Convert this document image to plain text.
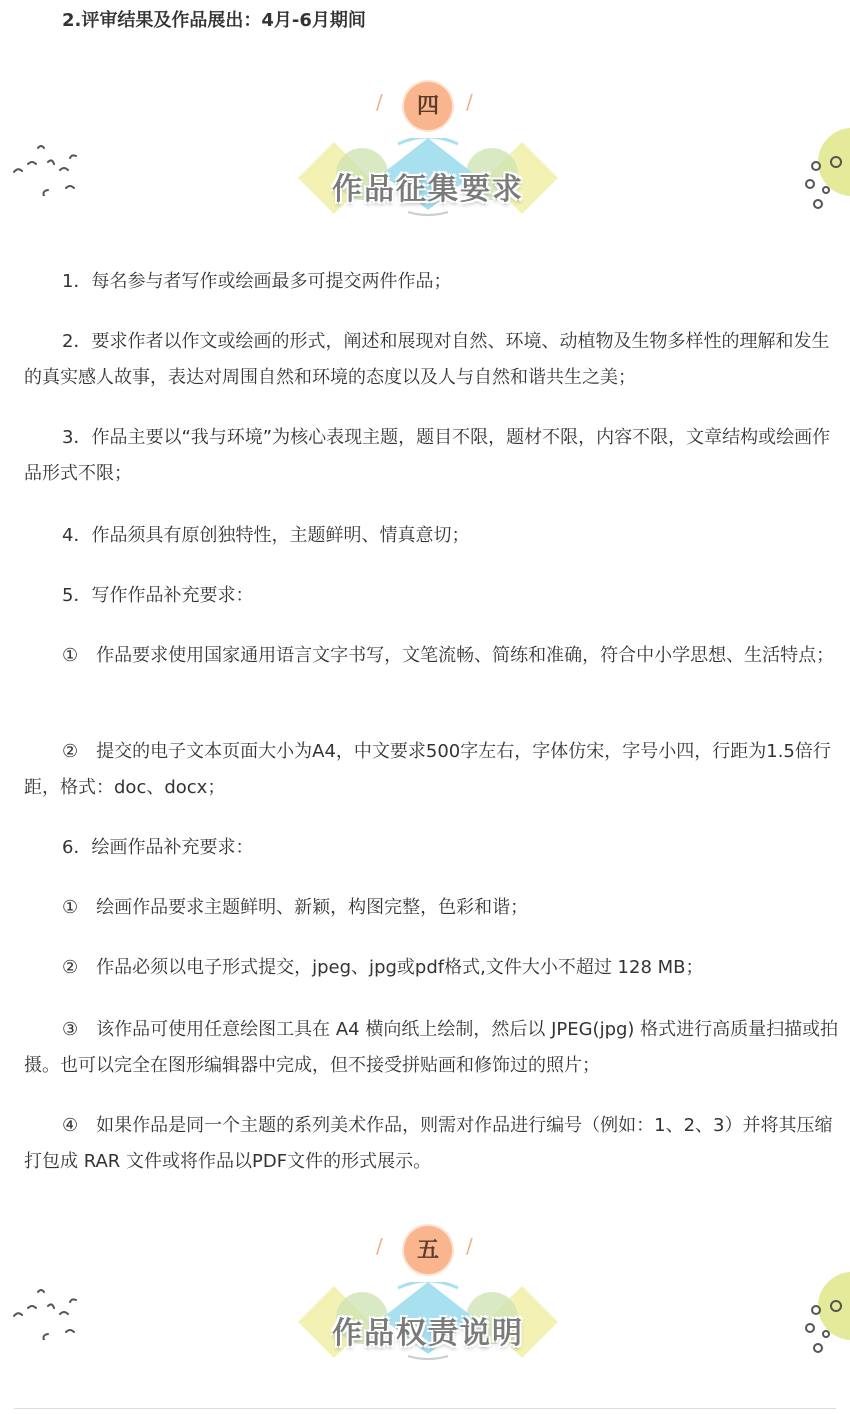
2.评审结果及作品展出：4月-6月期间
/	四	/
作品征集要求

1．每名参与者写作或绘画最多可提交两件作品；

2．要求作者以作文或绘画的形式，阐述和展现对自然、环境、动植物及生物多样性的理解和发生的真实感人故事，表达对周围自然和环境的态度以及人与自然和谐共生之美；

3．作品主要以“我与环境”为核心表现主题，题目不限，题材不限，内容不限，文章结构或绘画作品形式不限；

4．作品须具有原创独特性，主题鲜明、情真意切；

5．写作作品补充要求：

①　作品要求使用国家通用语言文字书写，文笔流畅、简练和准确，符合中小学思想、生活特点；

②　提交的电子文本页面大小为A4，中文要求500字左右，字体仿宋，字号小四，行距为1.5倍行距，格式：doc、docx；

6．绘画作品补充要求：

①　绘画作品要求主题鲜明、新颖，构图完整，色彩和谐；

②　作品必须以电子形式提交，jpeg、jpg或pdf格式,文件大小不超过 128 MB；

③　该作品可使用任意绘图工具在 A4 横向纸上绘制，然后以 JPEG(jpg) 格式进行高质量扫描或拍摄。也可以完全在图形编辑器中完成，但不接受拼贴画和修饰过的照片；

④　如果作品是同一个主题的系列美术作品，则需对作品进行编号（例如：1、2、3）并将其压缩打包成 RAR 文件或将作品以PDF文件的形式展示。

/	五	/
作品权责说明
